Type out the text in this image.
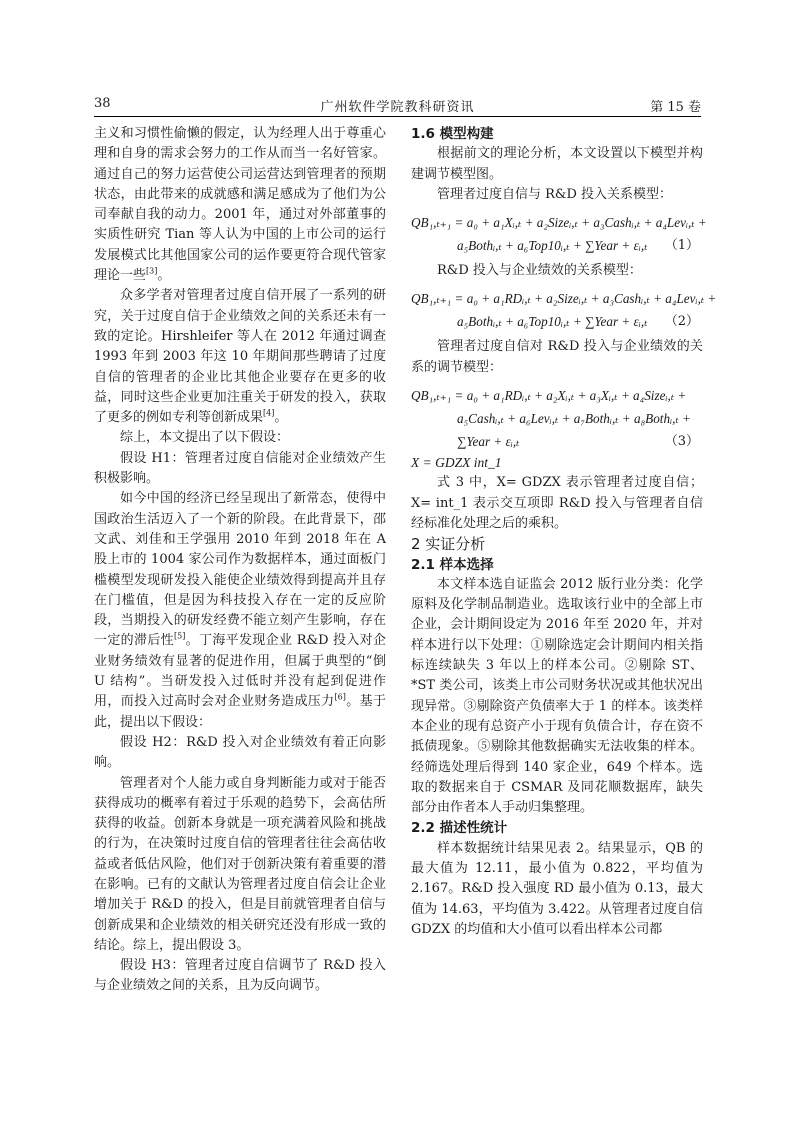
38	广州软件学院教科研资讯	第 15 卷

主义和习惯性偷懒的假定，认为经理人出于尊重心理和自身的需求会努力的工作从而当一名好管家。通过自己的努力运营使公司运营达到管理者的预期状态，由此带来的成就感和满足感成为了他们为公司奉献自我的动力。2001 年，通过对外部董事的实质性研究 Tian 等人认为中国的上市公司的运行发展模式比其他国家公司的运作要更符合现代管家理论一些[3]。

众多学者对管理者过度自信开展了一系列的研究，关于过度自信于企业绩效之间的关系还未有一致的定论。Hirshleifer 等人在 2012 年通过调查 1993 年到 2003 年这 10 年期间那些聘请了过度自信的管理者的企业比其他企业要存在更多的收益，同时这些企业更加注重关于研发的投入，获取了更多的例如专利等创新成果[4]。

综上，本文提出了以下假设：

假设 H1：管理者过度自信能对企业绩效产生积极影响。

如今中国的经济已经呈现出了新常态，使得中国政治生活迈入了一个新的阶段。在此背景下，邵文武、刘佳和王学强用 2010 年到 2018 年在 A 股上市的 1004 家公司作为数据样本，通过面板门槛模型发现研发投入能使企业绩效得到提高并且存在门槛值，但是因为科技投入存在一定的反应阶段，当期投入的研发经费不能立刻产生影响，存在一定的滞后性[5]。丁海平发现企业 R&D 投入对企业财务绩效有显著的促进作用，但属于典型的“倒 U 结构”。当研发投入过低时并没有起到促进作用，而投入过高时会对企业财务造成压力[6]。基于此，提出以下假设：

假设 H2：R&D 投入对企业绩效有着正向影响。

管理者对个人能力或自身判断能力或对于能否获得成功的概率有着过于乐观的趋势下，会高估所获得的收益。创新本身就是一项充满着风险和挑战的行为，在决策时过度自信的管理者往往会高估收益或者低估风险，他们对于创新决策有着重要的潜在影响。已有的文献认为管理者过度自信会让企业增加关于 R&D 的投入，但是目前就管理者自信与创新成果和企业绩效的相关研究还没有形成一致的结论。综上，提出假设 3。

假设 H3：管理者过度自信调节了 R&D 投入与企业绩效之间的关系，且为反向调节。

1.6 模型构建

根据前文的理论分析，本文设置以下模型并构建调节模型图。

管理者过度自信与 R&D 投入关系模型：

QB₁,ₜ₊₁ = a₀ + a₁Xᵢ,ₜ + a₂Sizeᵢ,ₜ + a₃Cashᵢ,ₜ + a₄Levᵢ,ₜ +

a₅Bothᵢ,ₜ + a₆Top10ᵢ,ₜ + ∑Year + εᵢ,ₜ （1）

R&D 投入与企业绩效的关系模型：

QB₁,ₜ₊₁ = a₀ + a₁RDᵢ,ₜ + a₂Sizeᵢ,ₜ + a₃Cashᵢ,ₜ + a₄Levᵢ,ₜ +

a₅Bothᵢ,ₜ + a₆Top10ᵢ,ₜ + ∑Year + εᵢ,ₜ （2）

管理者过度自信对 R&D 投入与企业绩效的关系的调节模型：

QB₁,ₜ₊₁ = a₀ + a₁RDᵢ,ₜ + a₂Xᵢ,ₜ + a₃Xᵢ,ₜ + a₄Sizeᵢ,ₜ +

a₅Cashᵢ,ₜ + a₆Levᵢ,ₜ + a₇Bothᵢ,ₜ + a₈Bothᵢ,ₜ +

∑Year + εᵢ,ₜ	（3）

X = GDZX int_1

式 3 中，X= GDZX 表示管理者过度自信；X= int_1 表示交互项即 R&D 投入与管理者自信经标准化处理之后的乘积。

2 实证分析

2.1 样本选择

本文样本选自证监会 2012 版行业分类：化学原料及化学制品制造业。选取该行业中的全部上市企业，会计期间设定为 2016 年至 2020 年，并对样本进行以下处理：①剔除选定会计期间内相关指标连续缺失 3 年以上的样本公司。②剔除 ST、*ST 类公司，该类上市公司财务状况或其他状况出现异常。③剔除资产负债率大于 1 的样本。该类样本企业的现有总资产小于现有负债合计，存在资不抵债现象。⑤剔除其他数据确实无法收集的样本。经筛选处理后得到 140 家企业，649 个样本。选取的数据来自于 CSMAR 及同花顺数据库，缺失部分由作者本人手动归集整理。

2.2 描述性统计

样本数据统计结果见表 2。结果显示，QB 的最大值为 12.11，最小值为 0.822，平均值为 2.167。R&D 投入强度 RD 最小值为 0.13，最大值为 14.63，平均值为 3.422。从管理者过度自信 GDZX 的均值和大小值可以看出样本公司都
